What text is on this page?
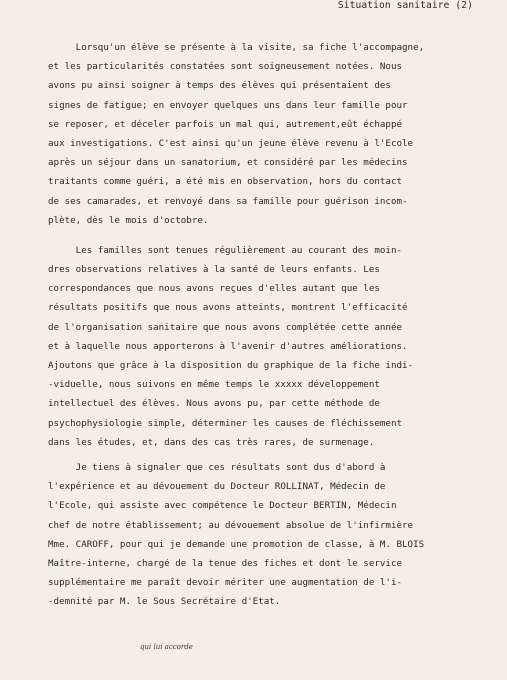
Situation sanitaire (2)
Lorsqu'un élève se présente à la visite, sa fiche l'accompagne,
et les particularités constatées sont soigneusement notées. Nous
avons pu ainsi soigner à temps des élèves qui présentaient des
signes de fatigue; en envoyer quelques uns dans leur famille pour
se reposer, et déceler parfois un mal qui, autrement,eût échappé
aux investigations. C'est ainsi qu'un jeune élève revenu à l'Ecole
après un séjour dans un sanatorium, et considéré par les médecins
traitants comme guéri, a été mis en observation, hors du contact
de ses camarades, et renvoyé dans sa famille pour guérison incom-
plète, dès le mois d'octobre.
Les familles sont tenues régulièrement au courant des moin-
dres observations relatives à la santé de leurs enfants. Les
correspondances que nous avons reçues d'elles autant que les
résultats positifs que nous avons atteints, montrent l'efficacité
de l'organisation sanitaire que nous avons complétée cette année
et à laquelle nous apporterons à l'avenir d'autres améliorations.
Ajoutons que grâce à la disposition du graphique de la fiche indi-
-viduelle, nous suivons en même temps le xxxxx développement
intellectuel des élèves. Nous avons pu, par cette méthode de
psychophysiologie simple, déterminer les causes de fléchissement
dans les études, et, dans des cas très rares, de surmenage.
Je tiens à signaler que ces résultats sont dus d'abord à
l'expérience et au dévouement du Docteur ROLLINAT, Médecin de
l'Ecole, qui assiste avec compétence le Docteur BERTIN, Médecin
chef de notre établissement; au dévouement absolue de l'infirmière
Mme. CAROFF, pour qui je demande une promotion de classe, à M. BLOIS
Maître-interne, chargé de la tenue des fiches et dont le service
supplémentaire me paraît devoir mériter une augmentation de l'i-
-demnité par M. le Sous Secrétaire d'Etat.
qui lui accorde
